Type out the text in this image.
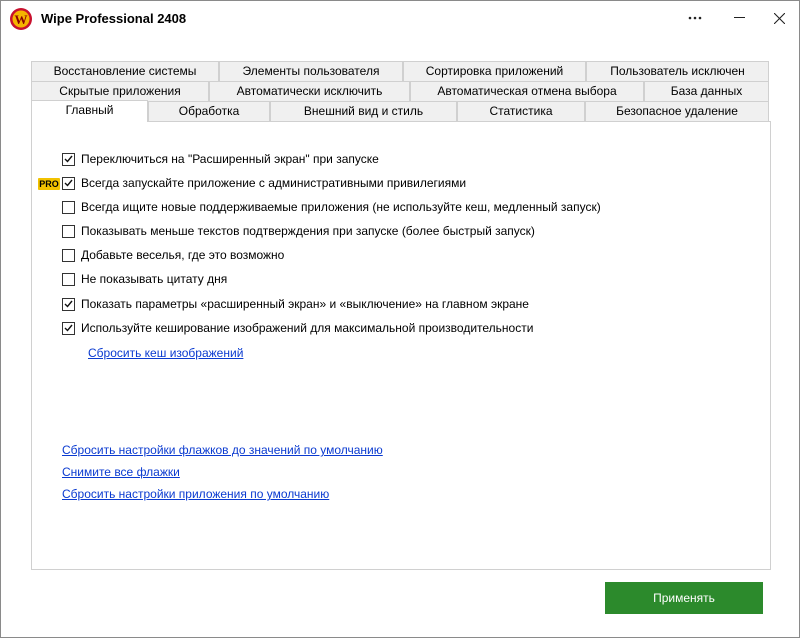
W Wipe Professional 2408
Восстановление системы	Элементы пользователя	Сортировка приложений	Пользователь исключен
Скрытые приложения	Автоматически исключить	Автоматическая отмена выбора	База данных
Главный	Обработка	Внешний вид и стиль	Статистика	Безопасное удаление
Переключиться на "Расширенный экран" при запуске
PRO Всегда запускайте приложение с административными привилегиями
Всегда ищите новые поддерживаемые приложения (не используйте кеш, медленный запуск)
Показывать меньше текстов подтверждения при запуске (более быстрый запуск)
Добавьте веселья, где это возможно
Не показывать цитату дня
Показать параметры «расширенный экран» и «выключение» на главном экране
Используйте кеширование изображений для максимальной производительности
Сбросить кеш изображений
Сбросить настройки флажков до значений по умолчанию
Снимите все флажки
Сбросить настройки приложения по умолчанию
Применять
